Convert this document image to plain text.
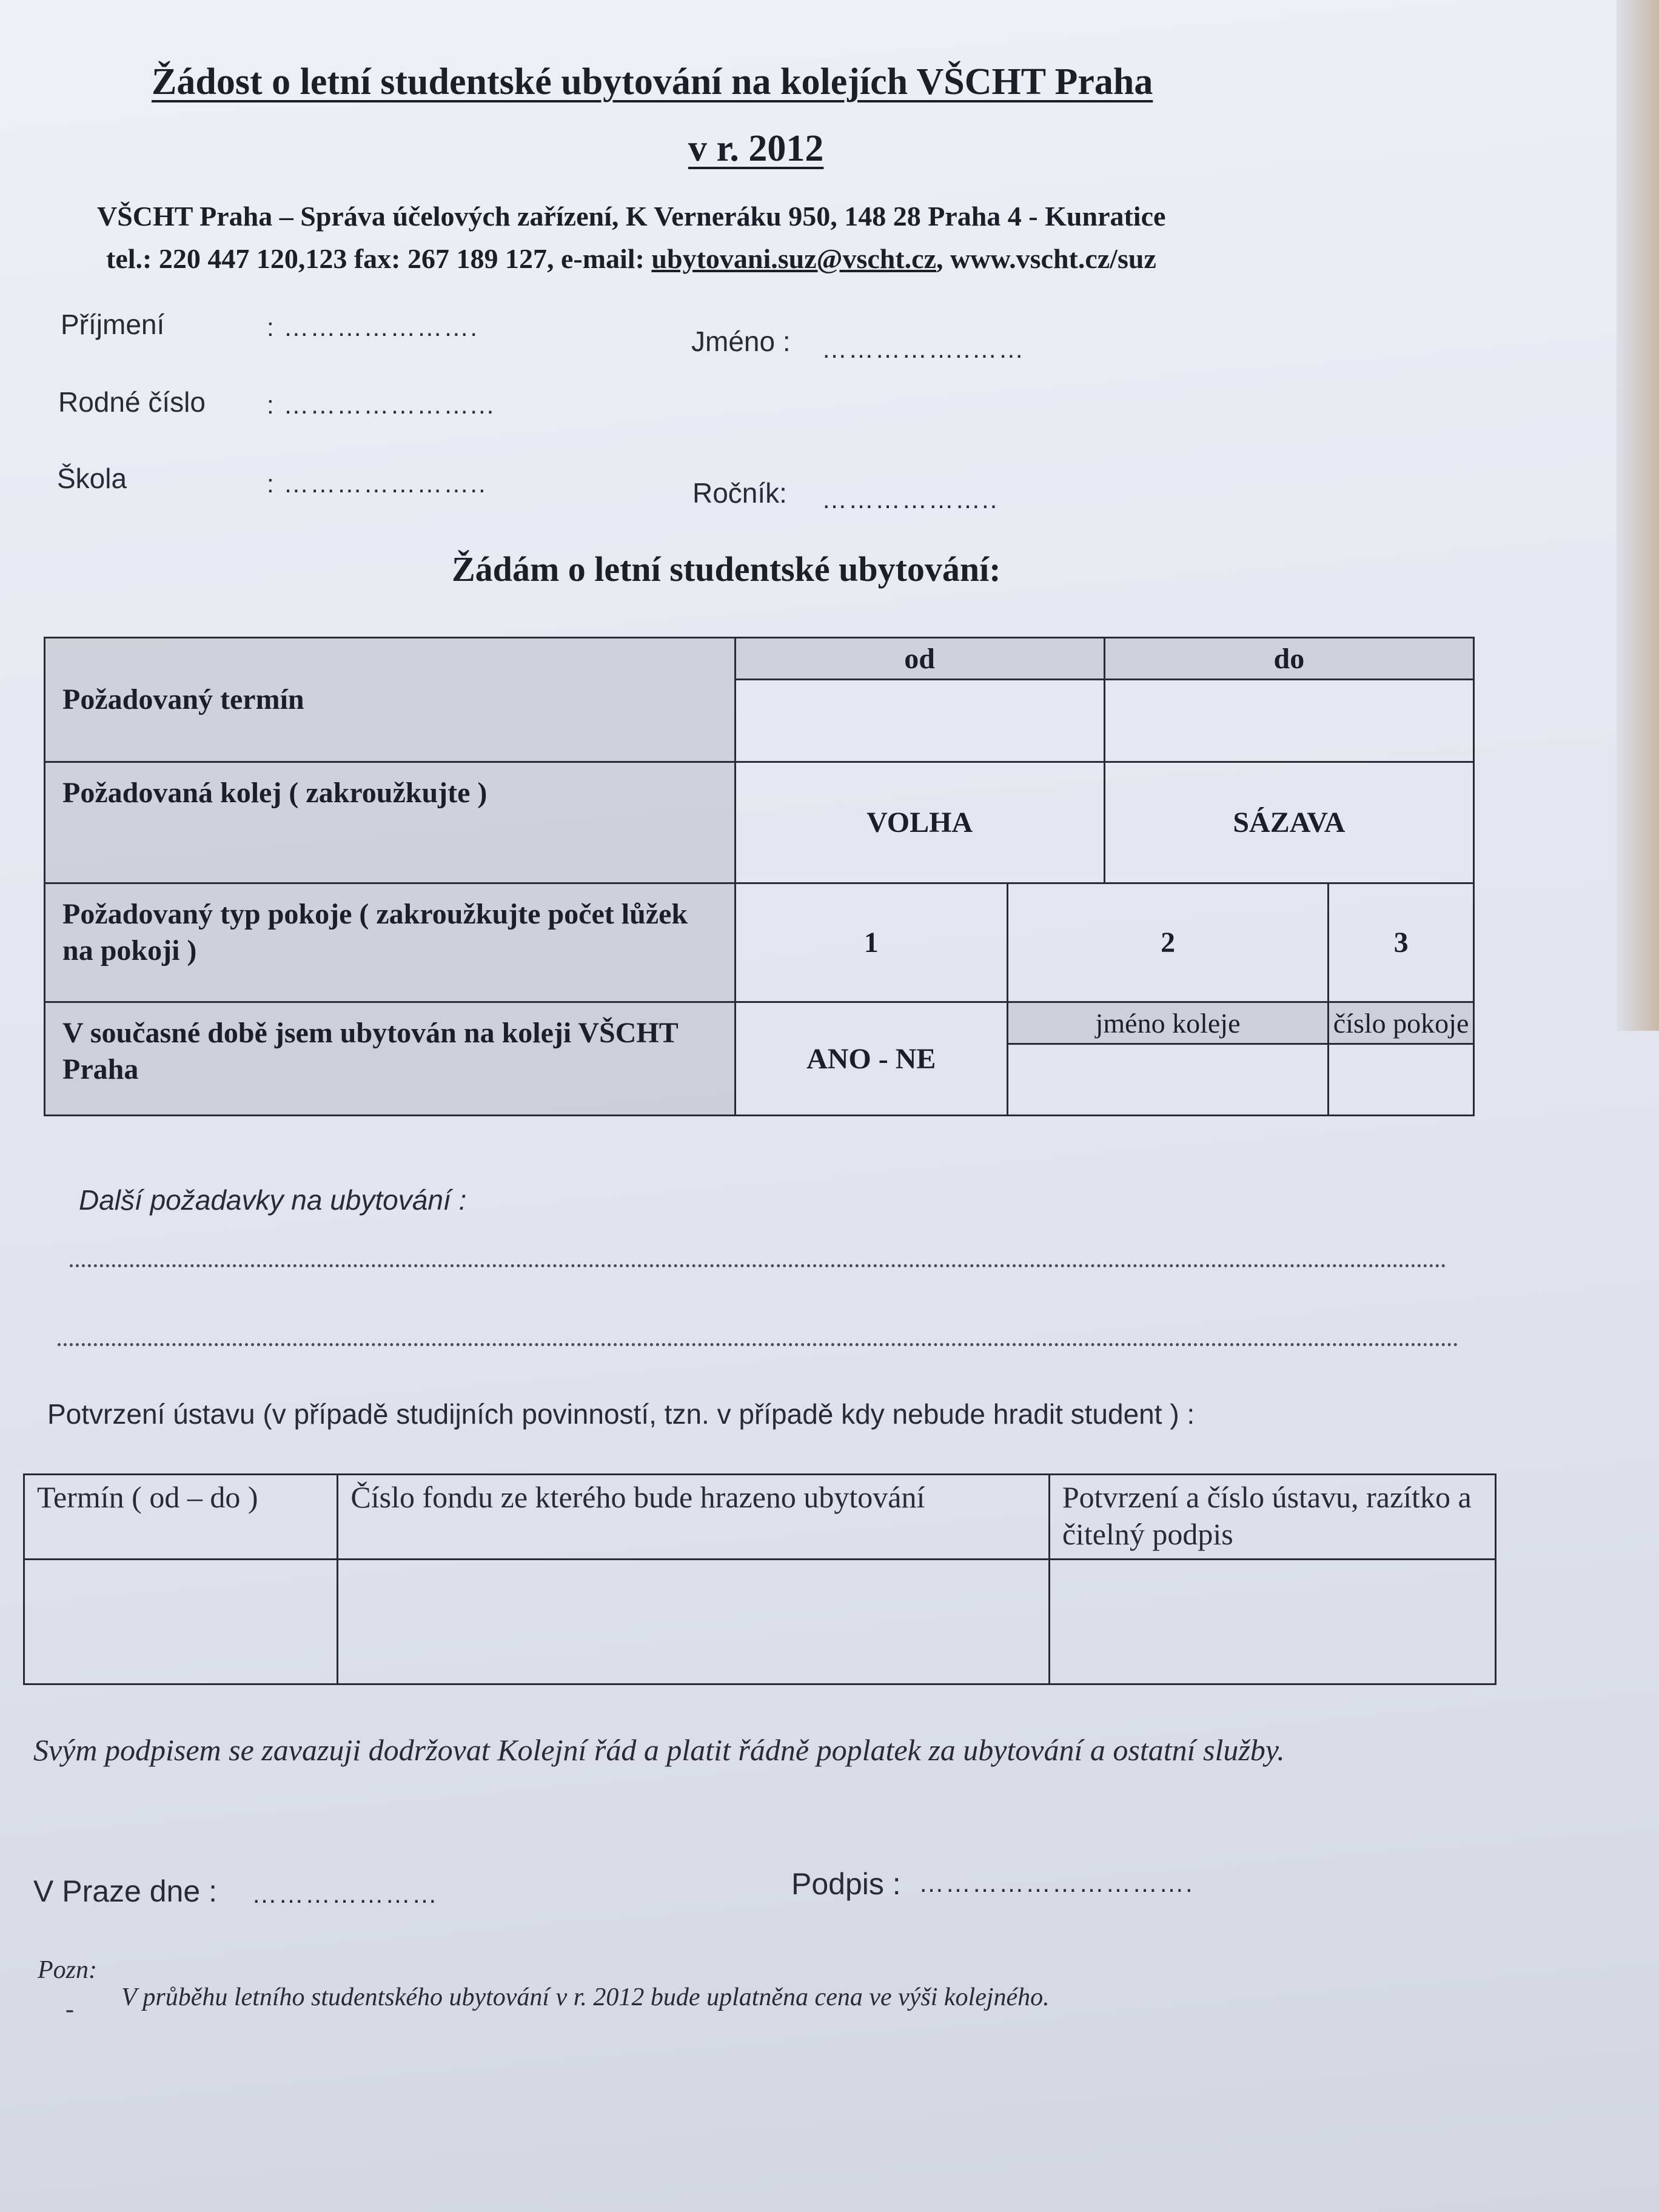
Žádost o letní studentské ubytování na kolejích VŠCHT Praha

v r. 2012

VŠCHT Praha – Správa účelových zařízení, K Verneráku 950, 148 28 Praha 4 - Kunratice

tel.: 220 447 120,123 fax: 267 189 127, e-mail: ubytovani.suz@vscht.cz, www.vscht.cz/suz

Příjmení	: ………………….	Jméno : ……………..……
Rodné číslo : …………………...
Škola	: …………………..	Ročník: ………………..

Žádám o letní studentské ubytování:

Požadovaný termín	od		do	

Požadovaná kolej ( zakroužkujte )	VOLHA		SÁZAVA	
Požadovaný typ pokoje ( zakroužkujte počet lůžek na pokoji )	1	2		3
V současné době jsem ubytován na koleji VŠCHT Praha	ANO - NE	jméno koleje		číslo pokoje

Další požadavky na ubytování :

Potvrzení ústavu (v případě studijních povinností, tzn. v případě kdy nebude hradit student ) :

Termín ( od – do )	Číslo fondu ze kterého bude hrazeno ubytování	Potvrzení a číslo ústavu, razítko a čitelný podpis

Svým podpisem se zavazuji dodržovat Kolejní řád a platit řádně poplatek za ubytování a ostatní služby.

V Praze dne : …………………	Podpis : ………………………….

Pozn:

- V průběhu letního studentského ubytování v r. 2012 bude uplatněna cena ve výši kolejného.
